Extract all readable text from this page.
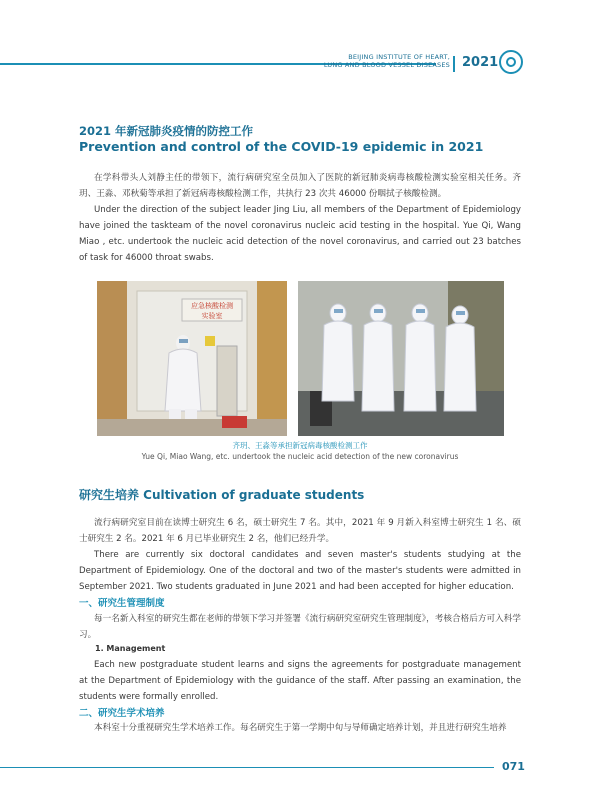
BEIJING INSTITUTE OF HEART,
LUNG AND BLOOD VESSEL DISEASES 2021
2021 年新冠肺炎疫情的防控工作
Prevention and control of the COVID-19 epidemic in 2021
在学科带头人刘静主任的带领下，流行病研究室全员加入了医院的新冠肺炎病毒核酸检测实验室相关任务。齐玥、王淼、邓秋菊等承担了新冠病毒核酸检测工作，共执行 23 次共 46000 份咽拭子核酸检测。
Under the direction of the subject leader Jing Liu, all members of the Department of Epidemiology have joined the taskteam of the novel coronavirus nucleic acid testing in the hospital. Yue Qi, Wang Miao , etc. undertook the nucleic acid detection of the novel coronavirus, and carried out 23 batches of task for 46000 throat swabs.
应急核酸检测
实验室
齐玥、王淼等承担新冠病毒核酸检测工作
Yue Qi, Miao Wang, etc. undertook the nucleic acid detection of the new coronavirus
研究生培养 Cultivation of graduate students
流行病研究室目前在读博士研究生 6 名，硕士研究生 7 名。其中，2021 年 9 月新入科室博士研究生 1 名、硕士研究生 2 名。2021 年 6 月已毕业研究生 2 名，他们已经升学。
There are currently six doctoral candidates and seven master's students studying at the Department of Epidemiology. One of the doctoral and two of the master's students were admitted in September 2021. Two students graduated in June 2021 and had been accepted for higher education.
一、研究生管理制度
每一名新入科室的研究生都在老师的带领下学习并签署《流行病研究室研究生管理制度》，考核合格后方可入科学习。
1. Management
Each new postgraduate student learns and signs the agreements for postgraduate management at the Department of Epidemiology with the guidance of the staff. After passing an examination, the students were formally enrolled.
二、研究生学术培养
本科室十分重视研究生学术培养工作。每名研究生于第一学期中旬与导师确定培养计划，并且进行研究生培养
071
